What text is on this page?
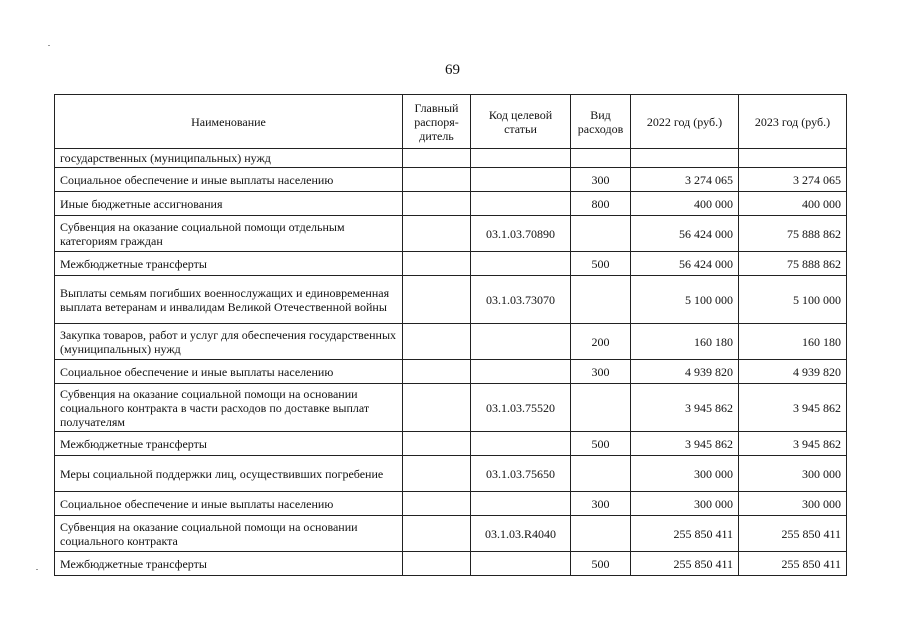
69
Наименование	Главный распоря-дитель	Код целевой статьи	Вид расходов	2022 год (руб.)	2023 год (руб.)
государственных (муниципальных) нужд					
Социальное обеспечение и иные выплаты населению			300	3 274 065	3 274 065
Иные бюджетные ассигнования			800	400 000	400 000
Субвенция на оказание социальной помощи отдельным категориям граждан		03.1.03.70890		56 424 000	75 888 862
Межбюджетные трансферты			500	56 424 000	75 888 862
Выплаты семьям погибших военнослужащих и единовременная выплата ветеранам и инвалидам Великой Отечественной войны		03.1.03.73070		5 100 000	5 100 000
Закупка товаров, работ и услуг для обеспечения государственных (муниципальных) нужд			200	160 180	160 180
Социальное обеспечение и иные выплаты населению			300	4 939 820	4 939 820
Субвенция на оказание социальной помощи на основании социального контракта в части расходов по доставке выплат получателям		03.1.03.75520		3 945 862	3 945 862
Межбюджетные трансферты			500	3 945 862	3 945 862
Меры социальной поддержки лиц, осуществивших погребение		03.1.03.75650		300 000	300 000
Социальное обеспечение и иные выплаты населению			300	300 000	300 000
Субвенция на оказание социальной помощи на основании социального контракта		03.1.03.R4040		255 850 411	255 850 411
Межбюджетные трансферты			500	255 850 411	255 850 411
